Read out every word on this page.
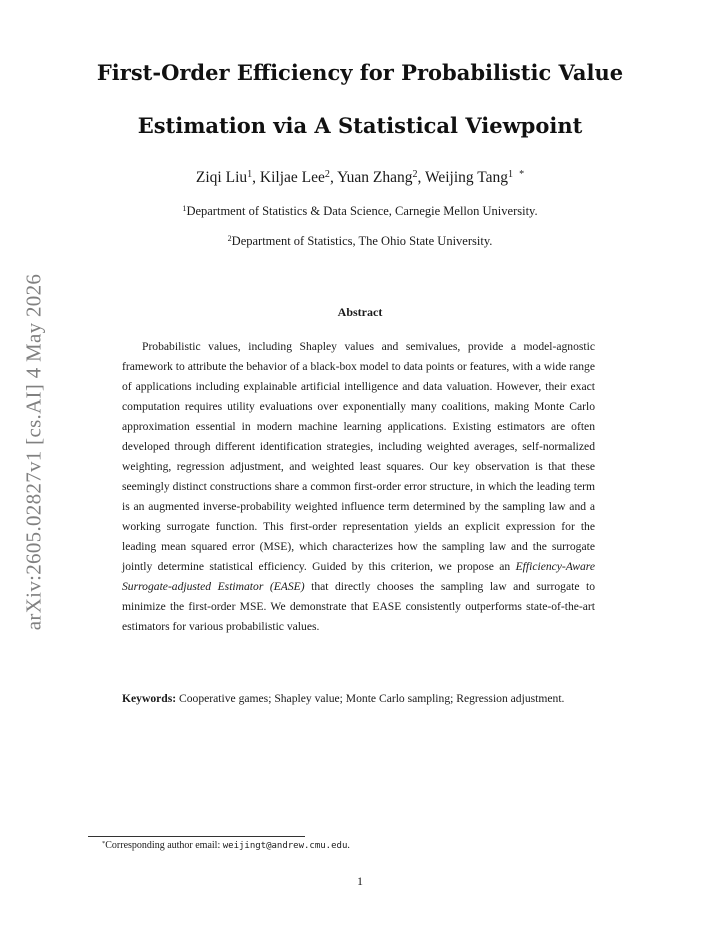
arXiv:2605.02827v1 [cs.AI] 4 May 2026
First-Order Efficiency for Probabilistic Value
Estimation via A Statistical Viewpoint
Ziqi Liu$^1$, Kiljae Lee$^2$, Yuan Zhang$^2$, Weijing Tang$^1$ *
$^1$Department of Statistics & Data Science, Carnegie Mellon University.
$^2$Department of Statistics, The Ohio State University.
Abstract
Probabilistic values, including Shapley values and semivalues, provide a model-agnostic framework to attribute the behavior of a black-box model to data points or features, with a wide range of applications including explainable artificial intelligence and data valuation. However, their exact computation requires utility evaluations over exponentially many coalitions, making Monte Carlo approximation essential in modern machine learning applications. Existing estimators are often developed through different identification strategies, including weighted averages, self-normalized weighting, regression adjustment, and weighted least squares. Our key observation is that these seemingly distinct constructions share a common first-order error structure, in which the leading term is an augmented inverse-probability weighted influence term determined by the sampling law and a working surrogate function. This first-order representation yields an explicit expression for the leading mean squared error (MSE), which characterizes how the sampling law and the surrogate jointly determine statistical efficiency. Guided by this criterion, we propose an Efficiency-Aware Surrogate-adjusted Estimator (EASE) that directly chooses the sampling law and surrogate to minimize the first-order MSE. We demonstrate that EASE consistently outperforms state-of-the-art estimators for various probabilistic values.
Keywords: Cooperative games; Shapley value; Monte Carlo sampling; Regression adjustment.
*Corresponding author email: weijingt@andrew.cmu.edu.
1
